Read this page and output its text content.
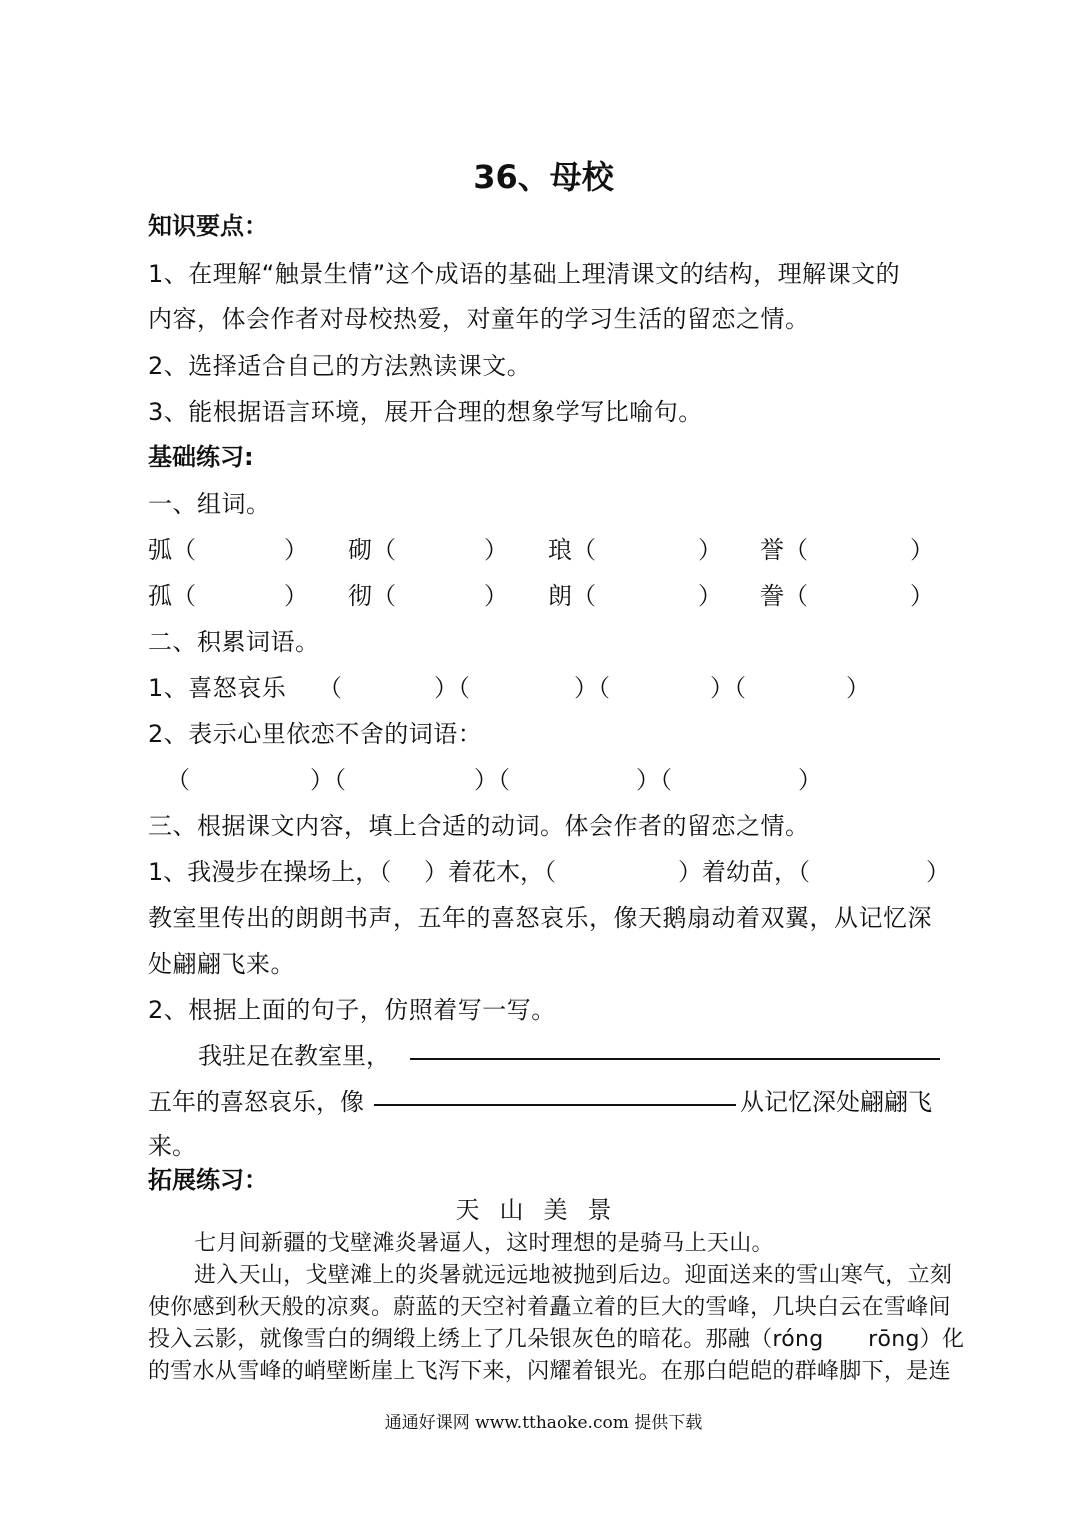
36、母校
知识要点：
1、在理解“触景生情”这个成语的基础上理清课文的结构，理解课文的
内容，体会作者对母校热爱，对童年的学习生活的留恋之情。
2、选择适合自己的方法熟读课文。
3、能根据语言环境，展开合理的想象学写比喻句。
基础练习:
一、组词。
弧（	） 砌（	） 琅（	） 誉（	）
孤（	） 彻（	） 朗（	） 誊（	）
二、积累词语。
1、喜怒哀乐 （	）（	）（	）（	）
2、表示心里依恋不舍的词语：
（	）（	）（	）（	）
三、根据课文内容，填上合适的动词。体会作者的留恋之情。
1、我漫步在操场上，（ ）着花木，（	）着幼苗，（	）
教室里传出的朗朗书声，五年的喜怒哀乐，像天鹅扇动着双翼，从记忆深
处翩翩飞来。
2、根据上面的句子，仿照着写一写。
我驻足在教室里，
五年的喜怒哀乐，像	从记忆深处翩翩飞
来。
拓展练习：
天山美景
七月间新疆的戈壁滩炎暑逼人，这时理想的是骑马上天山。
进入天山，戈壁滩上的炎暑就远远地被抛到后边。迎面送来的雪山寒气，立刻
使你感到秋天般的凉爽。蔚蓝的天空衬着矗立着的巨大的雪峰，几块白云在雪峰间
投入云影，就像雪白的绸缎上绣上了几朵银灰色的暗花。那融（róng　　rōng）化
的雪水从雪峰的峭壁断崖上飞泻下来，闪耀着银光。在那白皑皑的群峰脚下，是连
通通好课网 www.tthaoke.com 提供下载
